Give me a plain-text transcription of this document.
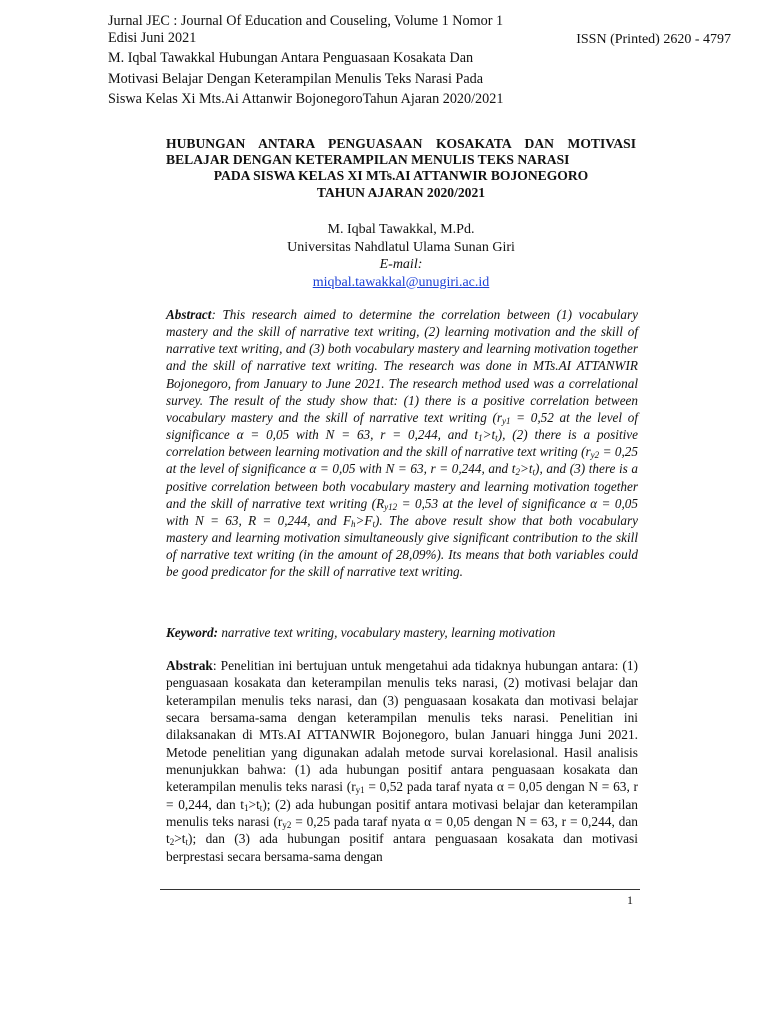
Jurnal JEC : Journal Of Education and Couseling, Volume 1 Nomor 1
Edisi Juni 2021	ISSN (Printed) 2620 - 4797
M. Iqbal Tawakkal Hubungan Antara Penguasaan Kosakata Dan
Motivasi Belajar Dengan Keterampilan Menulis Teks Narasi Pada
Siswa Kelas Xi Mts.Ai Attanwir BojonegoroTahun Ajaran 2020/2021
HUBUNGAN ANTARA PENGUASAAN KOSAKATA DAN MOTIVASI
BELAJAR DENGAN KETERAMPILAN MENULIS TEKS NARASI
PADA SISWA KELAS XI MTs.AI ATTANWIR BOJONEGORO
TAHUN AJARAN 2020/2021
M. Iqbal Tawakkal, M.Pd.
Universitas Nahdlatul Ulama Sunan Giri
E-mail:
miqbal.tawakkal@unugiri.ac.id
Abstract: This research aimed to determine the correlation between (1) vocabulary mastery and the skill of narrative text writing, (2) learning motivation and the skill of narrative text writing, and (3) both vocabulary mastery and learning motivation together and the skill of narrative text writing. The research was done in MTs.AI ATTANWIR Bojonegoro, from January to June 2021. The research method used was a correlational survey. The result of the study show that: (1) there is a positive correlation between vocabulary mastery and the skill of narrative text writing ($r_{y1} = 0,52$ at the level of significance α = 0,05 with N = 63, r = 0,244, and $t_1>t_t$), (2) there is a positive correlation between learning motivation and the skill of narrative text writing ($r_{y2} = 0,25$ at the level of significance α = 0,05 with N = 63, r = 0,244, and $t_2>t_t$), and (3) there is a positive correlation between both vocabulary mastery and learning motivation together and the skill of narrative text writing ($R_{y12} = 0,53$ at the level of significance α = 0,05 with N = 63, R = 0,244, and $F_h>F_t$). The above result show that both vocabulary mastery and learning motivation simultaneously give significant contribution to the skill of narrative text writing (in the amount of 28,09%). Its means that both variables could be good predicator for the skill of narrative text writing.
Keyword: narrative text writing, vocabulary mastery, learning motivation
Abstrak: Penelitian ini bertujuan untuk mengetahui ada tidaknya hubungan antara: (1) penguasaan kosakata dan keterampilan menulis teks narasi, (2) motivasi belajar dan keterampilan menulis teks narasi, dan (3) penguasaan kosakata dan motivasi belajar secara bersama-sama dengan keterampilan menulis teks narasi. Penelitian ini dilaksanakan di MTs.AI ATTANWIR Bojonegoro, bulan Januari hingga Juni 2021. Metode penelitian yang digunakan adalah metode survai korelasional. Hasil analisis menunjukkan bahwa: (1) ada hubungan positif antara penguasaan kosakata dan keterampilan menulis teks narasi ($r_{y1} = 0,52$ pada taraf nyata α = 0,05 dengan N = 63, r = 0,244, dan $t_1>t_t$); (2) ada hubungan positif antara motivasi belajar dan keterampilan menulis teks narasi ($r_{y2} = 0,25$ pada taraf nyata α = 0,05 dengan N = 63, r = 0,244, dan $t_2>t_t$); dan (3) ada hubungan positif antara penguasaan kosakata dan motivasi berprestasi secara bersama-sama dengan
1
